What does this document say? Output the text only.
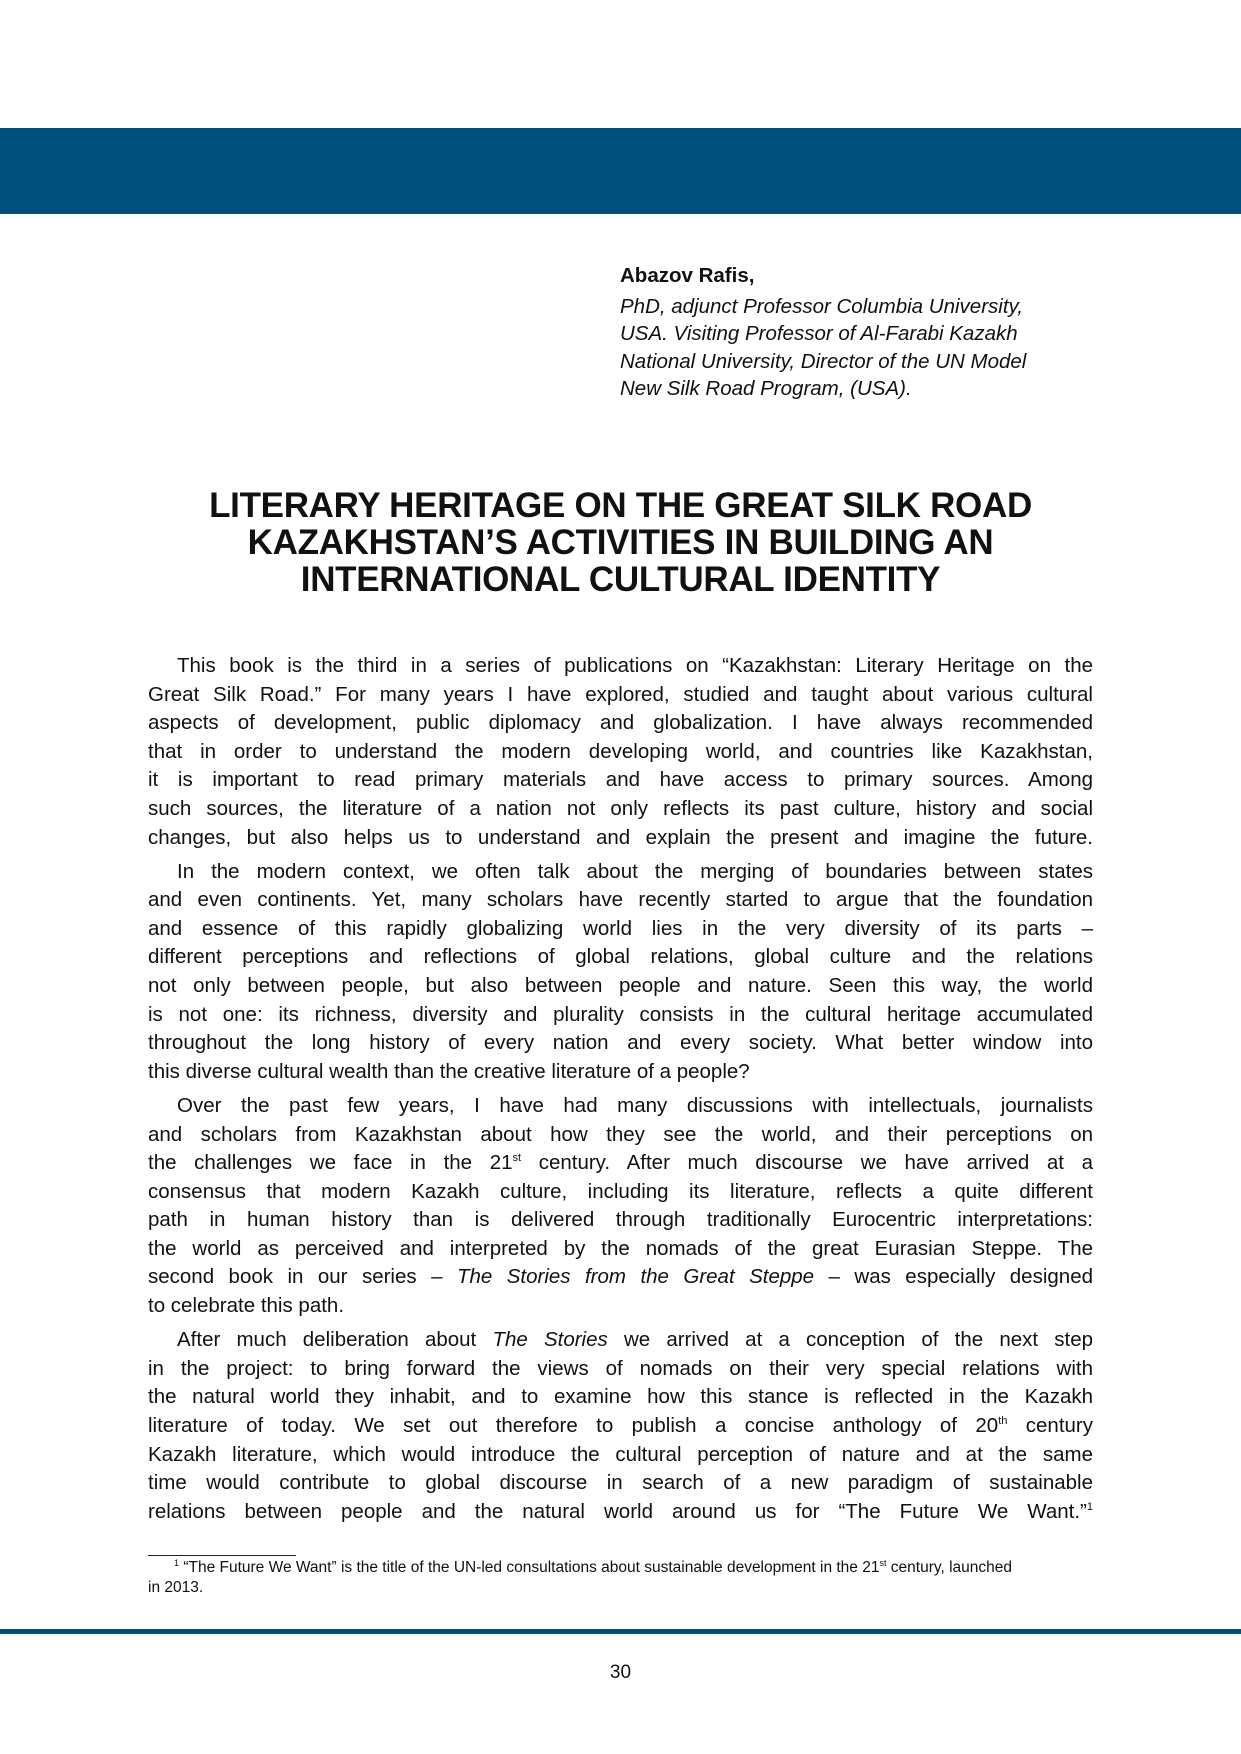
Abazov Rafis,
PhD, adjunct Professor Columbia University,
USA. Visiting Professor of Al-Farabi Kazakh
National University, Director of the UN Model
New Silk Road Program, (USA).
LITERARY HERITAGE ON THE GREAT SILK ROAD
KAZAKHSTAN’S ACTIVITIES IN BUILDING AN
INTERNATIONAL CULTURAL IDENTITY

This book is the third in a series of publications on “Kazakhstan: Literary Heritage on the
Great Silk Road.” For many years I have explored, studied and taught about various cultural
aspects of development, public diplomacy and globalization. I have always recommended
that in order to understand the modern developing world, and countries like Kazakhstan,
it is important to read primary materials and have access to primary sources. Among
such sources, the literature of a nation not only reflects its past culture, history and social
changes, but also helps us to understand and explain the present and imagine the future.

In the modern context, we often talk about the merging of boundaries between states
and even continents. Yet, many scholars have recently started to argue that the foundation
and essence of this rapidly globalizing world lies in the very diversity of its parts –
different perceptions and reflections of global relations, global culture and the relations
not only between people, but also between people and nature. Seen this way, the world
is not one: its richness, diversity and plurality consists in the cultural heritage accumulated
throughout the long history of every nation and every society. What better window into
this diverse cultural wealth than the creative literature of a people?

Over the past few years, I have had many discussions with intellectuals, journalists
and scholars from Kazakhstan about how they see the world, and their perceptions on
the challenges we face in the 21st century. After much discourse we have arrived at a
consensus that modern Kazakh culture, including its literature, reflects a quite different
path in human history than is delivered through traditionally Eurocentric interpretations:
the world as perceived and interpreted by the nomads of the great Eurasian Steppe. The
second book in our series – The Stories from the Great Steppe – was especially designed
to celebrate this path.

After much deliberation about The Stories we arrived at a conception of the next step
in the project: to bring forward the views of nomads on their very special relations with
the natural world they inhabit, and to examine how this stance is reflected in the Kazakh
literature of today. We set out therefore to publish a concise anthology of 20th century
Kazakh literature, which would introduce the cultural perception of nature and at the same
time would contribute to global discourse in search of a new paradigm of sustainable
relations between people and the natural world around us for “The Future We Want.”$^1$

$^1$ “The Future We Want” is the title of the UN-led consultations about sustainable development in the 21st century, launched
in 2013.
30
